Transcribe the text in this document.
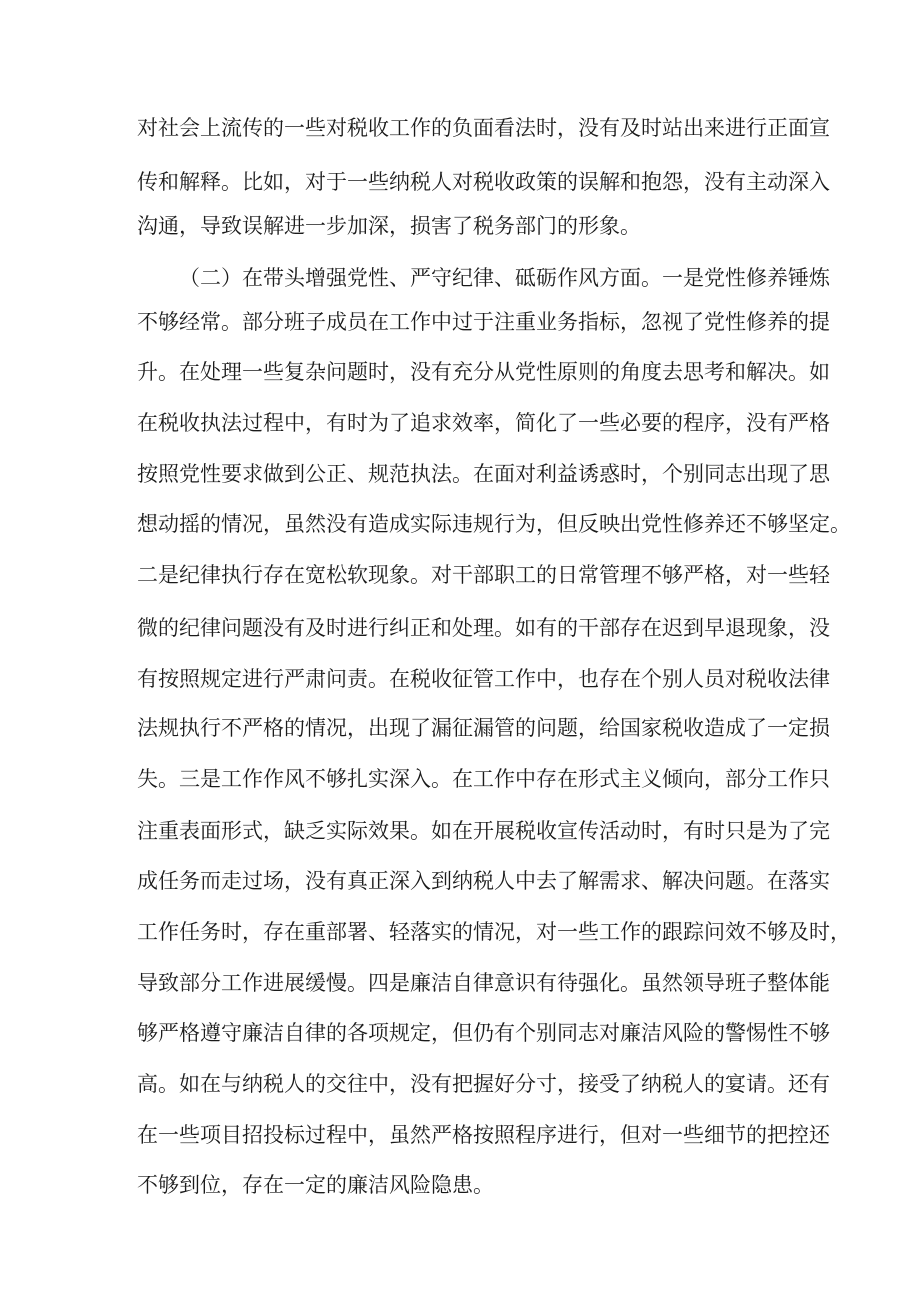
对社会上流传的一些对税收工作的负面看法时，没有及时站出来进行正面宣
传和解释。比如，对于一些纳税人对税收政策的误解和抱怨，没有主动深入
沟通，导致误解进一步加深，损害了税务部门的形象。
（二）在带头增强党性、严守纪律、砥砺作风方面。一是党性修养锤炼
不够经常。部分班子成员在工作中过于注重业务指标，忽视了党性修养的提
升。在处理一些复杂问题时，没有充分从党性原则的角度去思考和解决。如
在税收执法过程中，有时为了追求效率，简化了一些必要的程序，没有严格
按照党性要求做到公正、规范执法。在面对利益诱惑时，个别同志出现了思
想动摇的情况，虽然没有造成实际违规行为，但反映出党性修养还不够坚定。
二是纪律执行存在宽松软现象。对干部职工的日常管理不够严格，对一些轻
微的纪律问题没有及时进行纠正和处理。如有的干部存在迟到早退现象，没
有按照规定进行严肃问责。在税收征管工作中，也存在个别人员对税收法律
法规执行不严格的情况，出现了漏征漏管的问题，给国家税收造成了一定损
失。三是工作作风不够扎实深入。在工作中存在形式主义倾向，部分工作只
注重表面形式，缺乏实际效果。如在开展税收宣传活动时，有时只是为了完
成任务而走过场，没有真正深入到纳税人中去了解需求、解决问题。在落实
工作任务时，存在重部署、轻落实的情况，对一些工作的跟踪问效不够及时，
导致部分工作进展缓慢。四是廉洁自律意识有待强化。虽然领导班子整体能
够严格遵守廉洁自律的各项规定，但仍有个别同志对廉洁风险的警惕性不够
高。如在与纳税人的交往中，没有把握好分寸，接受了纳税人的宴请。还有
在一些项目招投标过程中，虽然严格按照程序进行，但对一些细节的把控还
不够到位，存在一定的廉洁风险隐患。
